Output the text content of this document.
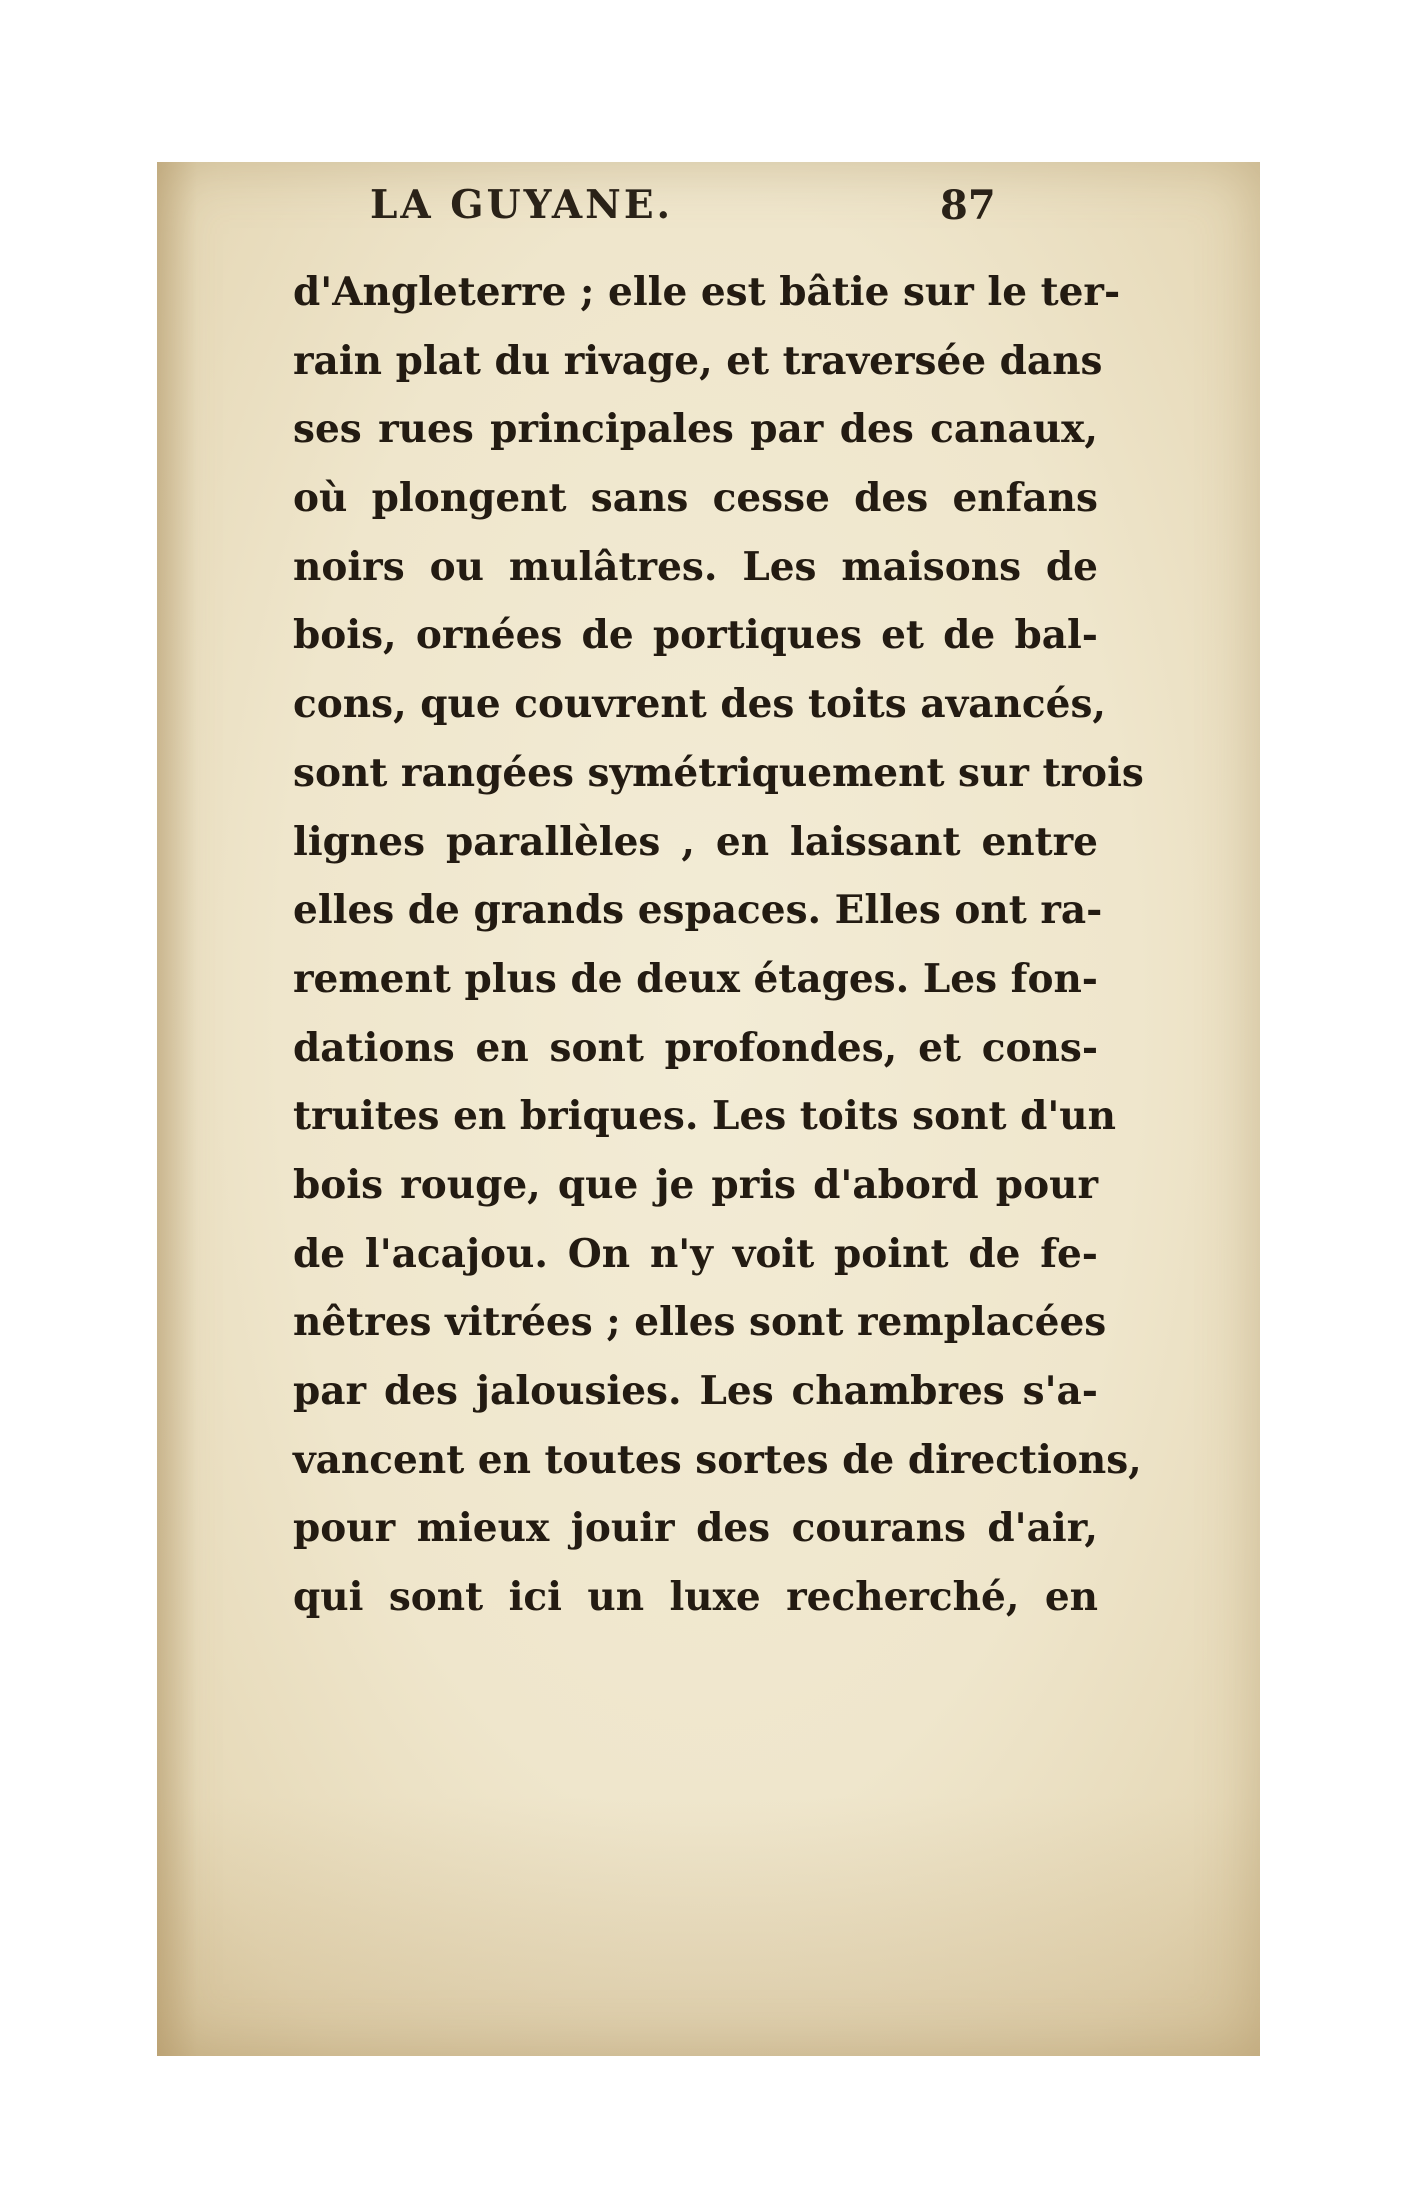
LA GUYANE.	87
d'Angleterre ; elle est bâtie sur le ter-
rain plat du rivage, et traversée dans
ses rues principales par des canaux,
où plongent sans cesse des enfans
noirs ou mulâtres. Les maisons de
bois, ornées de portiques et de bal-
cons, que couvrent des toits avancés,
sont rangées symétriquement sur trois
lignes parallèles , en laissant entre
elles de grands espaces. Elles ont ra-
rement plus de deux étages. Les fon-
dations en sont profondes, et cons-
truites en briques. Les toits sont d'un
bois rouge, que je pris d'abord pour
de l'acajou. On n'y voit point de fe-
nêtres vitrées ; elles sont remplacées
par des jalousies. Les chambres s'a-
vancent en toutes sortes de directions,
pour mieux jouir des courans d'air,
qui sont ici un luxe recherché, en
